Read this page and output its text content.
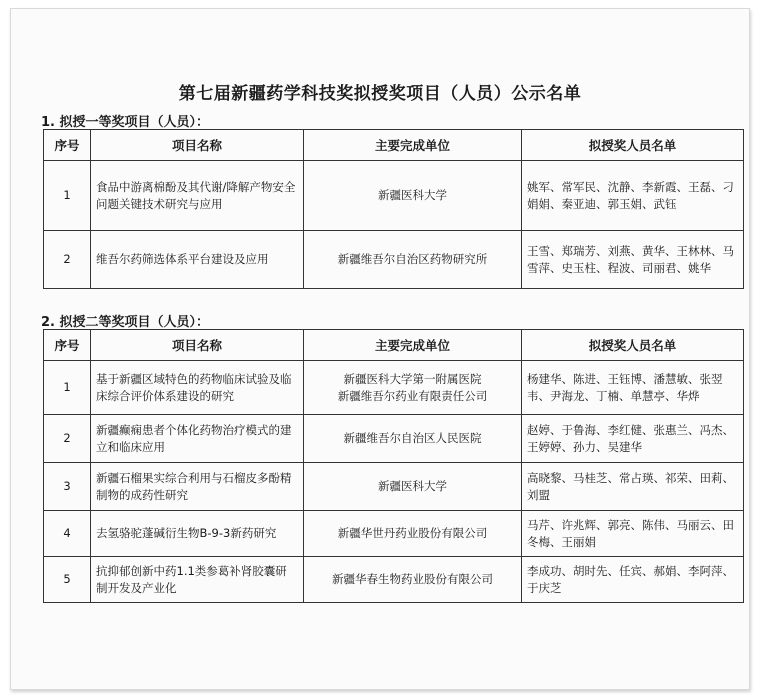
第七届新疆药学科技奖拟授奖项目（人员）公示名单
1. 拟授一等奖项目（人员）：
序号	项目名称	主要完成单位	拟授奖人员名单
1	食品中游离棉酚及其代谢/降解产物安全问题关键技术研究与应用	新疆医科大学	姚军、常军民、沈静、李新霞、王磊、刁娟娟、秦亚迪、郭玉娟、武钰
2	维吾尔药筛选体系平台建设及应用	新疆维吾尔自治区药物研究所	王雪、郑瑞芳、刘燕、黄华、王林林、马雪萍、史玉柱、程波、司丽君、姚华
2. 拟授二等奖项目（人员）：
序号	项目名称	主要完成单位	拟授奖人员名单
1	基于新疆区域特色的药物临床试验及临床综合评价体系建设的研究	新疆医科大学第一附属医院
新疆维吾尔药业有限责任公司	杨建华、陈进、王钰博、潘慧敏、张翌韦、尹海龙、丁楠、单慧亭、华烨
2	新疆癫痫患者个体化药物治疗模式的建立和临床应用	新疆维吾尔自治区人民医院	赵婷、于鲁海、李红健、张惠兰、冯杰、王婷婷、孙力、吴建华
3	新疆石榴果实综合利用与石榴皮多酚精制物的成药性研究	新疆医科大学	高晓黎、马桂芝、常占瑛、祁荣、田莉、刘盟
4	去氢骆驼蓬碱衍生物B-9-3新药研究	新疆华世丹药业股份有限公司	马芹、许兆辉、郭亮、陈伟、马丽云、田冬梅、王丽娟
5	抗抑郁创新中药1.1类参葛补肾胶囊研制开发及产业化	新疆华春生物药业股份有限公司	李成功、胡时先、任宾、郝娟、李阿萍、于庆芝
